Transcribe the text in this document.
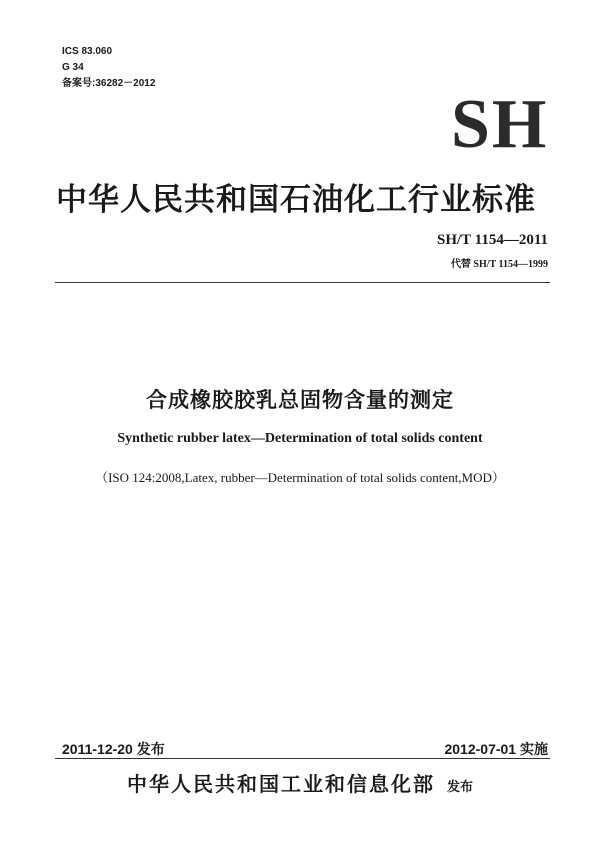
ICS 83.060
G 34
备案号:36282－2012
SH
中华人民共和国石油化工行业标准
SH/T 1154—2011
代替 SH/T 1154—1999
合成橡胶胶乳总固物含量的测定
Synthetic rubber latex—Determination of total solids content
（ISO 124:2008,Latex, rubber—Determination of total solids content,MOD）
2011-12-20 发布	2012-07-01 实施
中华人民共和国工业和信息化部 发布
